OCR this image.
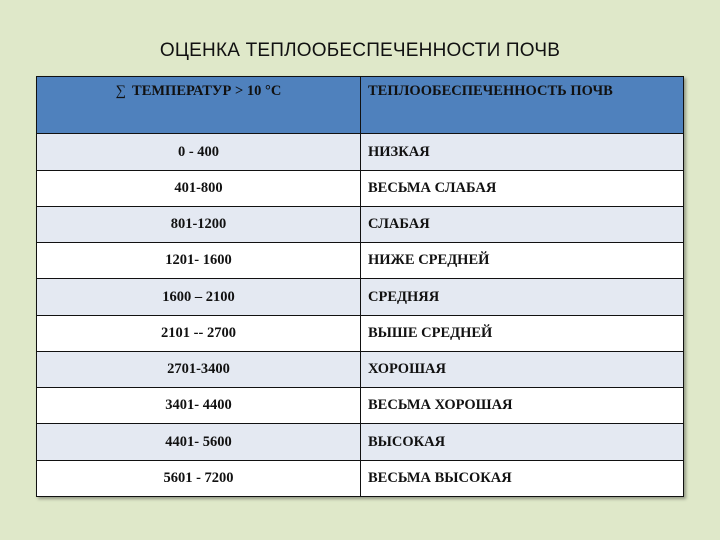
ОЦЕНКА ТЕПЛООБЕСПЕЧЕННОСТИ ПОЧВ
∑ ТЕМПЕРАТУР > 10 °С	ТЕПЛООБЕСПЕЧЕННОСТЬ ПОЧВ
0 - 400	НИЗКАЯ
401-800	ВЕСЬМА СЛАБАЯ
801-1200	СЛАБАЯ
1201- 1600	НИЖЕ СРЕДНЕЙ
1600 – 2100	СРЕДНЯЯ
2101 -- 2700	ВЫШЕ СРЕДНЕЙ
2701-3400	ХОРОШАЯ
3401- 4400	ВЕСЬМА ХОРОШАЯ
4401- 5600	ВЫСОКАЯ
5601 - 7200	ВЕСЬМА ВЫСОКАЯ
